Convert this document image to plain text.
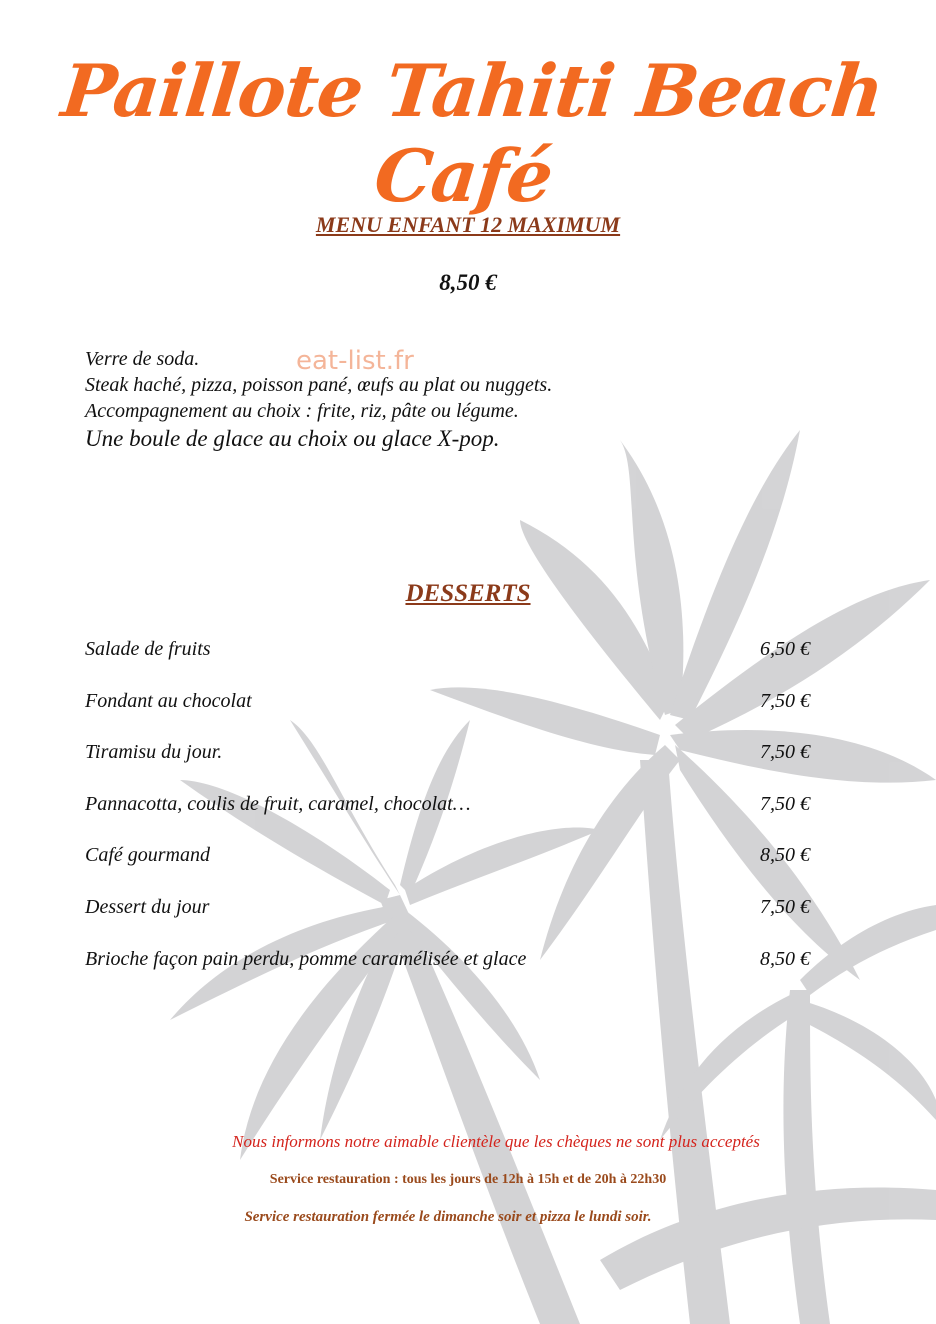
Paillote Tahiti Beach Café
MENU ENFANT 12 MAXIMUM
8,50 €
Verre de soda.
Steak haché, pizza, poisson pané, œufs au plat ou nuggets.
Accompagnement au choix : frite, riz, pâte ou légume.
Une boule de glace au choix ou glace X-pop.
eat-list.fr
DESSERTS
Salade de fruits	6,50 €
Fondant au chocolat	7,50 €
Tiramisu du jour.	7,50 €
Pannacotta, coulis de fruit, caramel, chocolat…	7,50 €
Café gourmand	8,50 €
Dessert du jour	7,50 €
Brioche façon pain perdu, pomme caramélisée et glace	8,50 €
Nous informons notre aimable clientèle que les chèques ne sont plus acceptés
Service restauration : tous les jours de 12h à 15h et de 20h à 22h30
Service restauration fermée le dimanche soir et pizza le lundi soir.
